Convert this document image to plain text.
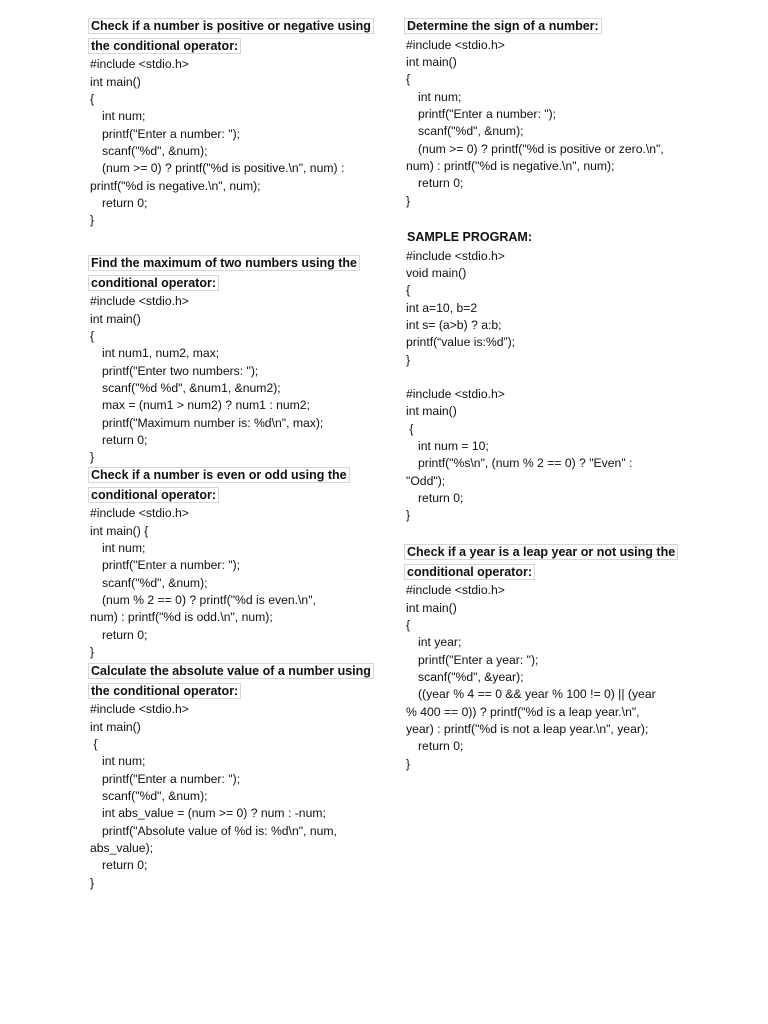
Check if a number is positive or negative using the conditional operator:
#include <stdio.h>
int main()
{
int num;
printf("Enter a number: ");
scanf("%d", &num);
(num >= 0) ? printf("%d is positive.\n", num) :
printf("%d is negative.\n", num);
return 0;
}
Find the maximum of two numbers using the conditional operator:
#include <stdio.h>
int main()
{
int num1, num2, max;
printf("Enter two numbers: ");
scanf("%d %d", &num1, &num2);
max = (num1 > num2) ? num1 : num2;
printf("Maximum number is: %d\n", max);
return 0;
}
Check if a number is even or odd using the conditional operator:
#include <stdio.h>
int main() {
int num;
printf("Enter a number: ");
scanf("%d", &num);
(num % 2 == 0) ? printf("%d is even.\n",
num) : printf("%d is odd.\n", num);
return 0;
}
Calculate the absolute value of a number using the conditional operator:
#include <stdio.h>
int main()
{
int num;
printf("Enter a number: ");
scanf("%d", &num);
int abs_value = (num >= 0) ? num : -num;
printf("Absolute value of %d is: %d\n", num,
abs_value);
return 0;
}
Determine the sign of a number:
#include <stdio.h>
int main()
{
int num;
printf("Enter a number: ");
scanf("%d", &num);
(num >= 0) ? printf("%d is positive or zero.\n",
num) : printf("%d is negative.\n", num);
return 0;
}
SAMPLE PROGRAM:
#include <stdio.h>
void main()
{
int a=10, b=2
int s= (a>b) ? a:b;
printf(“value is:%d”);
}
#include <stdio.h>
int main()
{
int num = 10;
printf("%s\n", (num % 2 == 0) ? "Even" :
"Odd");
return 0;
}
Check if a year is a leap year or not using the conditional operator:
#include <stdio.h>
int main()
{
int year;
printf("Enter a year: ");
scanf("%d", &year);
((year % 4 == 0 && year % 100 != 0) || (year
% 400 == 0)) ? printf("%d is a leap year.\n",
year) : printf("%d is not a leap year.\n", year);
return 0;
}
